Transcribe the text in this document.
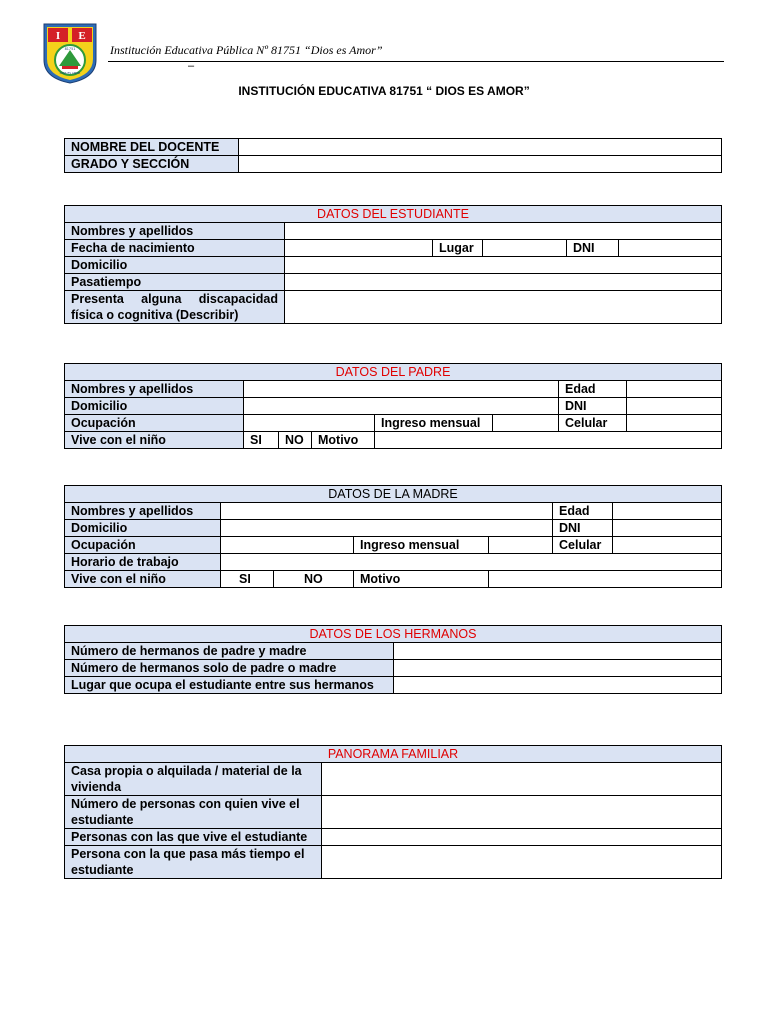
I E
81751
DIOS ES AMOR
Institución Educativa Pública Nº 81751 “Dios es Amor”
–
INSTITUCIÓN EDUCATIVA 81751 “ DIOS ES AMOR”
NOMBRE DEL DOCENTE	
GRADO Y SECCIÓN	
DATOS DEL ESTUDIANTE					
Nombres y apellidos					
Fecha de nacimiento		Lugar		DNI	
Domicilio					
Pasatiempo					
Presenta alguna discapacidad física o cognitiva (Describir)					
DATOS DEL PADRE							
Nombres y apellidos						Edad	
Domicilio						DNI	
Ocupación				Ingreso mensual		Celular	
Vive con el niño	SI	NO	Motivo				
DATOS DE LA MADRE						
Nombres y apellidos					Edad	
Domicilio					DNI	
Ocupación			Ingreso mensual		Celular	
Horario de trabajo						
Vive con el niño	SI	NO	Motivo			
DATOS DE LOS HERMANOS	
Número de hermanos de padre y madre	
Número de hermanos solo de padre o madre	
Lugar que ocupa el estudiante entre sus hermanos	
PANORAMA FAMILIAR	
Casa propia o alquilada / material de la vivienda	
Número de personas con quien vive el estudiante	
Personas con las que vive el estudiante	
Persona con la que pasa más tiempo el estudiante	
